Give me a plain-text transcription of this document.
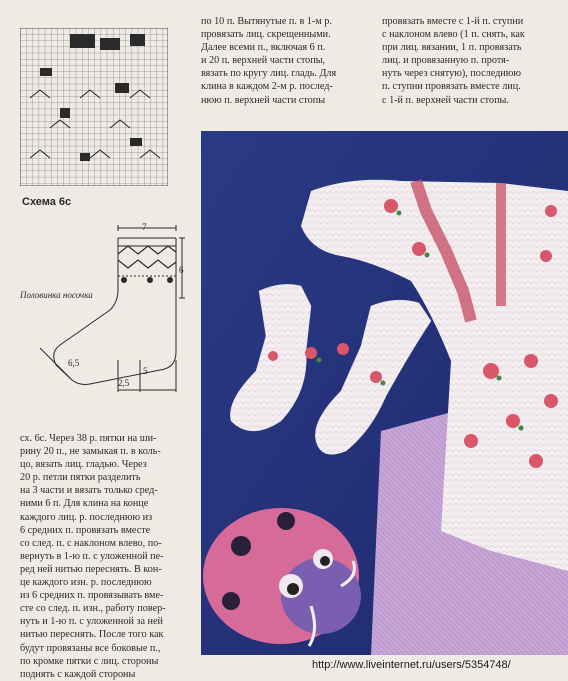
Схема 6с
Половинка носочка
7
6
2,5
5
6,5
по 10 п. Вытянутые п. в 1-м р.
провязать лиц. скрещенными.
Далее всеми п., включая 6 п.
и 20 п. верхней части стопы,
вязать по кругу лиц. гладь. Для
клина в каждом 2-м р. послед-
нюю п. верхней части стопы
провязать вместе с 1-й п. ступни
с наклоном влево (1 п. снять, как
при лиц. вязании, 1 п. провязать
лиц. и провязанную п. протя-
нуть через снятую), последнюю
п. ступни провязать вместе лиц.
с 1-й п. верхней части стопы.
сх. 6с. Через 38 р. пятки на ши-
рину 20 п., не замыкая п. в коль-
цо, вязать лиц. гладью. Через
20 р. петли пятки разделить
на 3 части и вязать только сред-
ними 6 п. Для клина на конце
каждого лиц. р. последнюю из
6 средних п. провязать вместе
со след. п. с наклоном влево, по-
вернуть в 1-ю п. с уложенной пе-
ред ней нитью переснять. В кон-
це каждого изн. р. последнюю
из 6 средних п. провязывать вме-
сте со след. п. изн., работу повер-
нуть и 1-ю п. с уложенной за ней
нитью переснять. После того как
будут провязаны все боковые п.,
по кромке пятки с лиц. стороны
поднять с каждой стороны
http://www.liveinternet.ru/users/5354748/
